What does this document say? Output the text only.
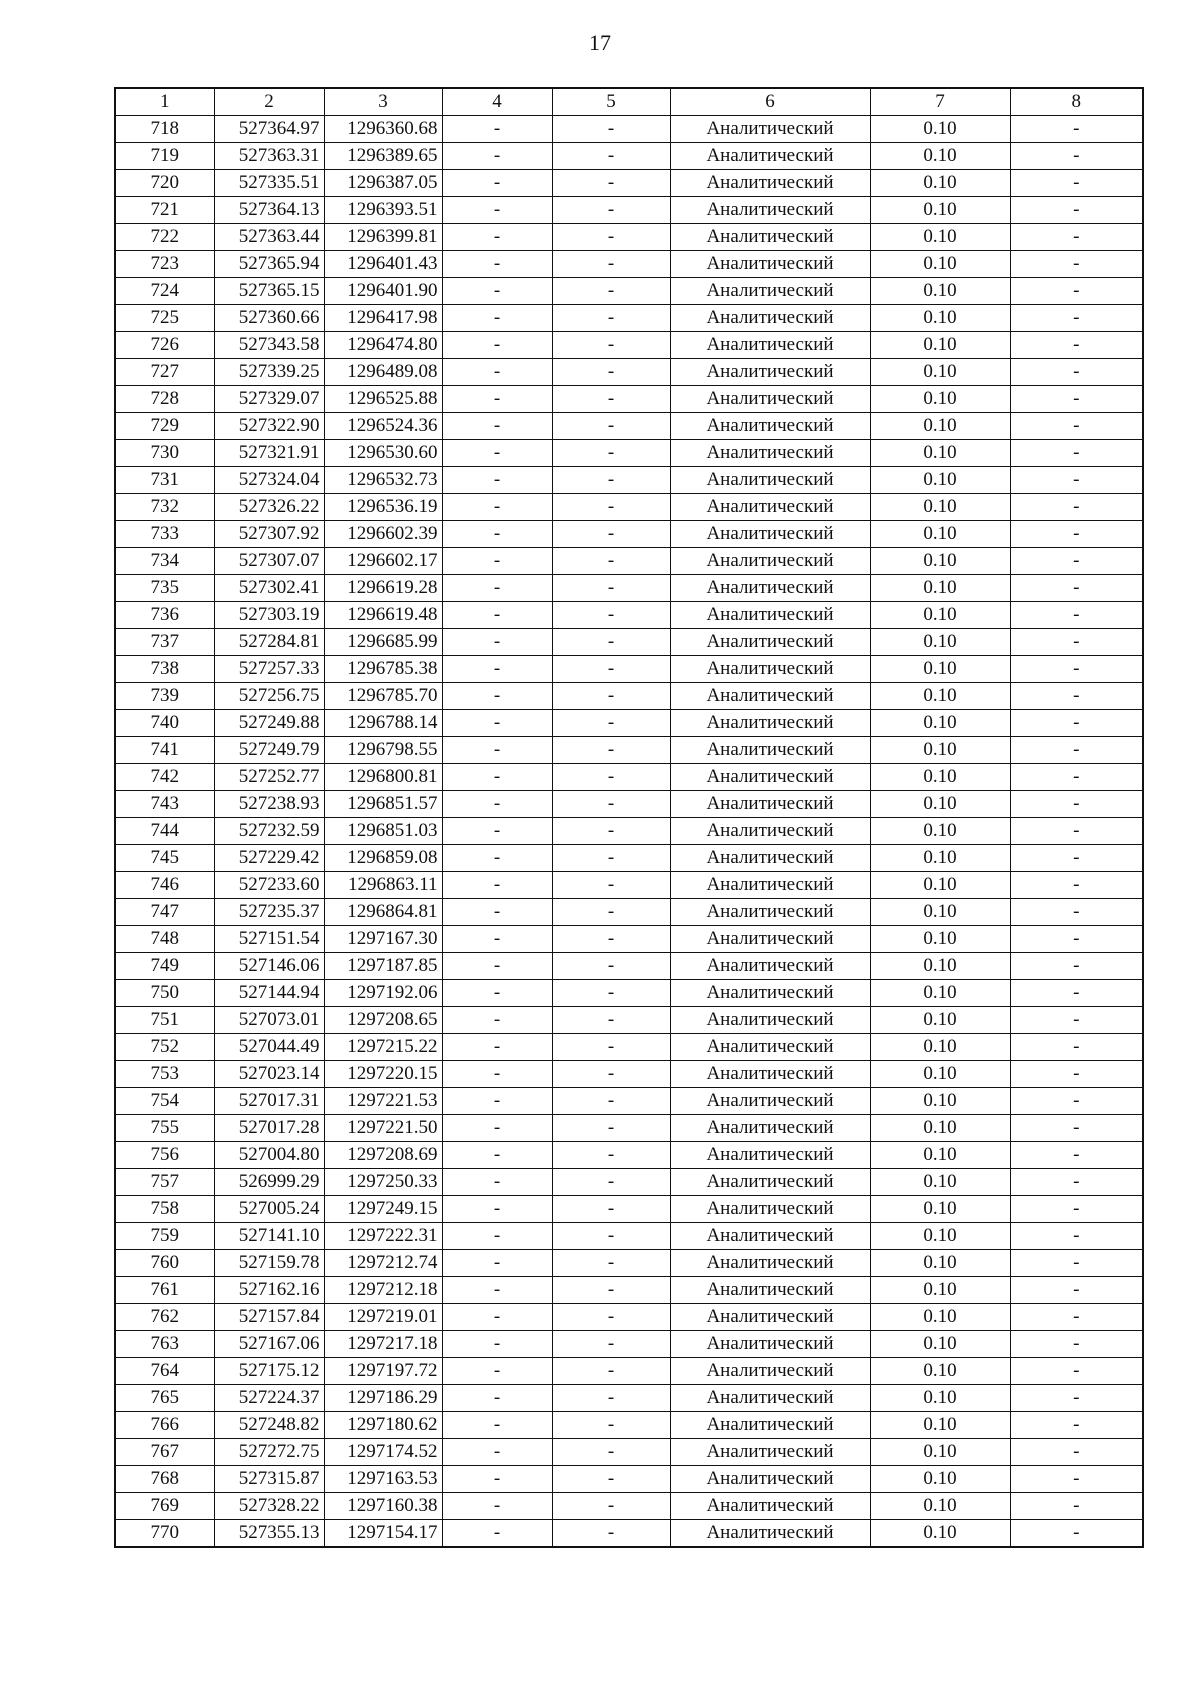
17
1	2	3	4	5	6	7	8
718	527364.97	1296360.68	-	-	Аналитический	0.10	-
719	527363.31	1296389.65	-	-	Аналитический	0.10	-
720	527335.51	1296387.05	-	-	Аналитический	0.10	-
721	527364.13	1296393.51	-	-	Аналитический	0.10	-
722	527363.44	1296399.81	-	-	Аналитический	0.10	-
723	527365.94	1296401.43	-	-	Аналитический	0.10	-
724	527365.15	1296401.90	-	-	Аналитический	0.10	-
725	527360.66	1296417.98	-	-	Аналитический	0.10	-
726	527343.58	1296474.80	-	-	Аналитический	0.10	-
727	527339.25	1296489.08	-	-	Аналитический	0.10	-
728	527329.07	1296525.88	-	-	Аналитический	0.10	-
729	527322.90	1296524.36	-	-	Аналитический	0.10	-
730	527321.91	1296530.60	-	-	Аналитический	0.10	-
731	527324.04	1296532.73	-	-	Аналитический	0.10	-
732	527326.22	1296536.19	-	-	Аналитический	0.10	-
733	527307.92	1296602.39	-	-	Аналитический	0.10	-
734	527307.07	1296602.17	-	-	Аналитический	0.10	-
735	527302.41	1296619.28	-	-	Аналитический	0.10	-
736	527303.19	1296619.48	-	-	Аналитический	0.10	-
737	527284.81	1296685.99	-	-	Аналитический	0.10	-
738	527257.33	1296785.38	-	-	Аналитический	0.10	-
739	527256.75	1296785.70	-	-	Аналитический	0.10	-
740	527249.88	1296788.14	-	-	Аналитический	0.10	-
741	527249.79	1296798.55	-	-	Аналитический	0.10	-
742	527252.77	1296800.81	-	-	Аналитический	0.10	-
743	527238.93	1296851.57	-	-	Аналитический	0.10	-
744	527232.59	1296851.03	-	-	Аналитический	0.10	-
745	527229.42	1296859.08	-	-	Аналитический	0.10	-
746	527233.60	1296863.11	-	-	Аналитический	0.10	-
747	527235.37	1296864.81	-	-	Аналитический	0.10	-
748	527151.54	1297167.30	-	-	Аналитический	0.10	-
749	527146.06	1297187.85	-	-	Аналитический	0.10	-
750	527144.94	1297192.06	-	-	Аналитический	0.10	-
751	527073.01	1297208.65	-	-	Аналитический	0.10	-
752	527044.49	1297215.22	-	-	Аналитический	0.10	-
753	527023.14	1297220.15	-	-	Аналитический	0.10	-
754	527017.31	1297221.53	-	-	Аналитический	0.10	-
755	527017.28	1297221.50	-	-	Аналитический	0.10	-
756	527004.80	1297208.69	-	-	Аналитический	0.10	-
757	526999.29	1297250.33	-	-	Аналитический	0.10	-
758	527005.24	1297249.15	-	-	Аналитический	0.10	-
759	527141.10	1297222.31	-	-	Аналитический	0.10	-
760	527159.78	1297212.74	-	-	Аналитический	0.10	-
761	527162.16	1297212.18	-	-	Аналитический	0.10	-
762	527157.84	1297219.01	-	-	Аналитический	0.10	-
763	527167.06	1297217.18	-	-	Аналитический	0.10	-
764	527175.12	1297197.72	-	-	Аналитический	0.10	-
765	527224.37	1297186.29	-	-	Аналитический	0.10	-
766	527248.82	1297180.62	-	-	Аналитический	0.10	-
767	527272.75	1297174.52	-	-	Аналитический	0.10	-
768	527315.87	1297163.53	-	-	Аналитический	0.10	-
769	527328.22	1297160.38	-	-	Аналитический	0.10	-
770	527355.13	1297154.17	-	-	Аналитический	0.10	-
